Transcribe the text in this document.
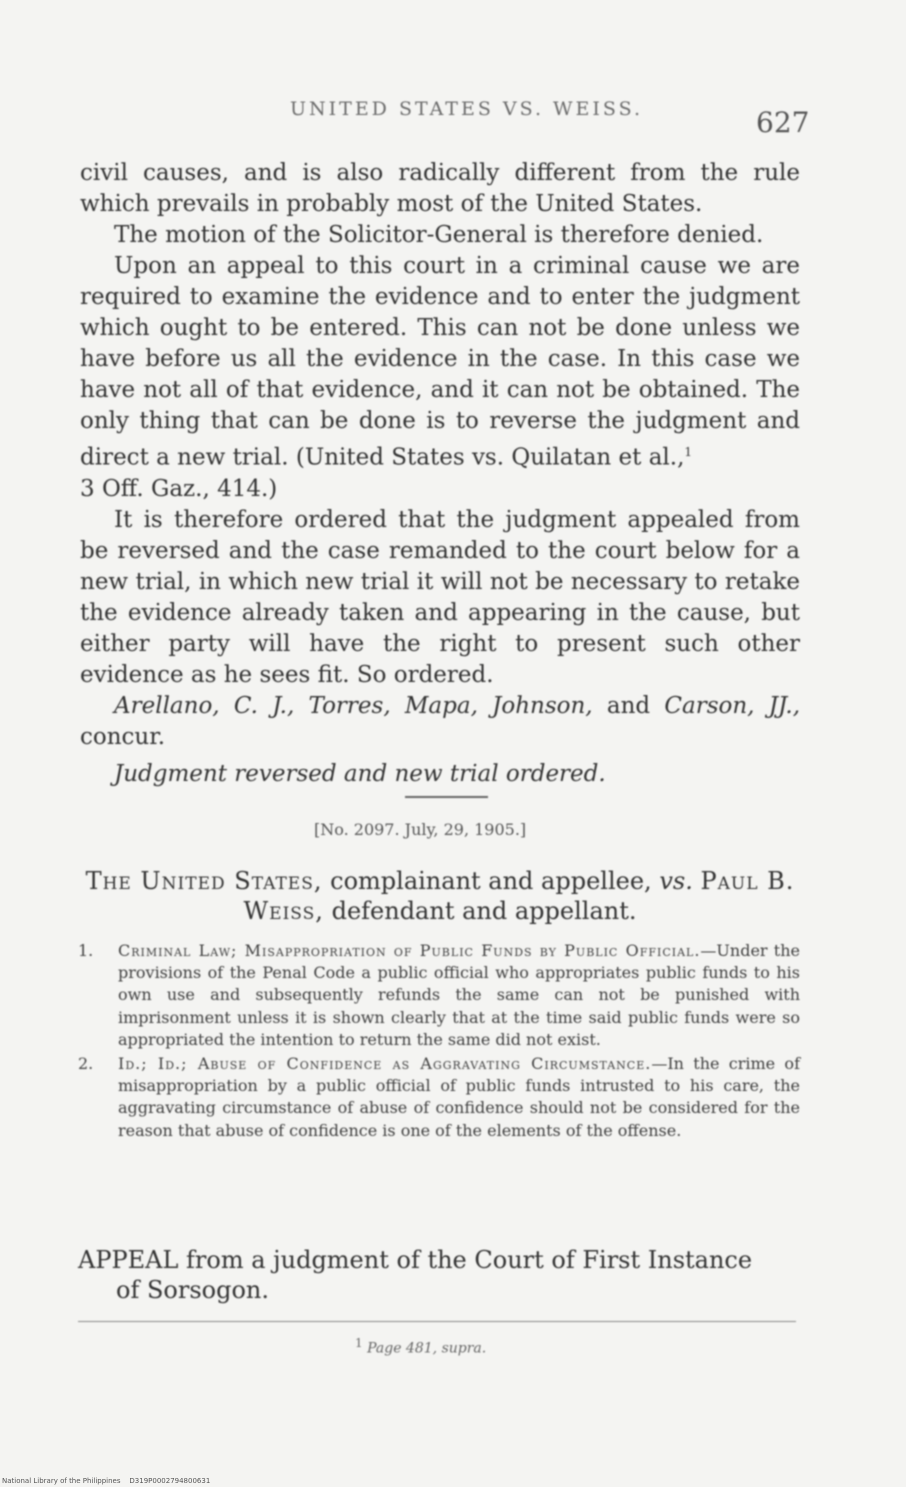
UNITED STATES VS. WEISS.	627

civil causes, and is also radically different from the rule which prevails in probably most of the United States.

The motion of the Solicitor-General is therefore denied.

Upon an appeal to this court in a criminal cause we are required to examine the evidence and to enter the judgment which ought to be entered. This can not be done unless we have before us all the evidence in the case. In this case we have not all of that evidence, and it can not be obtained. The only thing that can be done is to reverse the judgment and direct a new trial. (United States vs. Quilatan et al.,$^1$
3 Off. Gaz., 414.)

It is therefore ordered that the judgment appealed from be reversed and the case remanded to the court below for a new trial, in which new trial it will not be necessary to retake the evidence already taken and appearing in the cause, but either party will have the right to present such other evidence as he sees fit. So ordered.

Arellano, C. J., Torres, Mapa, Johnson, and Carson, JJ., concur.

Judgment reversed and new trial ordered.

[No. 2097. July, 29, 1905.]
The United States, complainant and appellee, vs. Paul B. Weiss, defendant and appellant.

1. Criminal Law; Misappropriation of Public Funds by Public Official.—Under the provisions of the Penal Code a public official who appropriates public funds to his own use and subsequently refunds the same can not be punished with imprisonment unless it is shown clearly that at the time said public funds were so appropriated the intention to return the same did not exist.

2. Id.; Id.; Abuse of Confidence as Aggravating Circumstance.—In the crime of misappropriation by a public official of public funds intrusted to his care, the aggravating circumstance of abuse of confidence should not be considered for the reason that abuse of confidence is one of the elements of the offense.

APPEAL from a judgment of the Court of First Instance
of Sorsogon.
$^1$ Page 481, supra.
National Library of the Philippines D319P0002794800631
